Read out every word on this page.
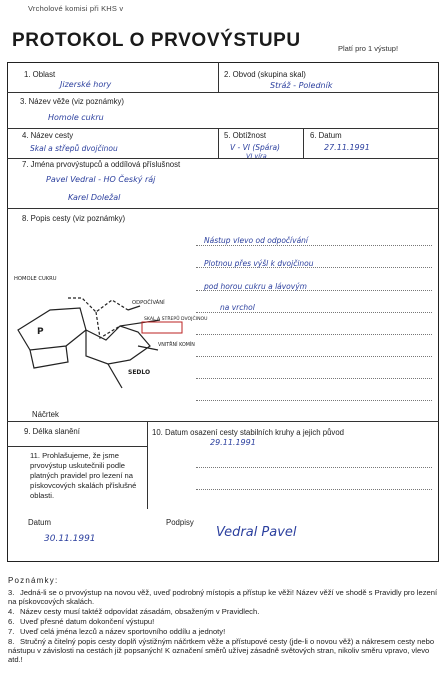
Vrcholové komisi při KHS v
PROTOKOL O PRVOVÝSTUPU	Platí pro 1 výstup!
1. Oblast
Jizerské hory
2. Obvod (skupina skal)
Stráž - Poledník
3. Název věže (viz poznámky)
Homole cukru
4. Název cesty
Skal a střepů dvojčinou
5. Obtížnost
V - VI (Spára)
VI víra
6. Datum
27.11.1991
7. Jména prvovýstupců a oddílová příslušnost
Pavel Vedral - HO Český ráj
Karel Doležal
8. Popis cesty (viz poznámky)
Nástup vlevo od odpočívání
Plotnou přes výšl k dvojčinou
pod horou cukru a lávovým
na vrchol
P
HOMOLE CUKRU
ODPOČÍVÁNÍ
SKAL A STŘEPŮ DVOJČINOU
VNITŘNÍ KOMÍN
SEDLO
Náčrtek
9. Délka slanění	10. Datum osazení cesty stabilních kruhy a jejich původ
29.11.1991
11. Prohlašujeme, že jsme prvovýstup uskutečnili podle platných pravidel pro lezení na pískovcových skalách příslušné oblasti.
Datum
30.11.1991
Podpisy
Vedral Pavel
Poznámky:
3. Jedná-li se o prvovýstup na novou věž, uveď podrobný místopis a přístup ke věži! Název věží ve shodě s Pravidly pro lezení na pískovcových skalách.
4. Název cesty musí taktéž odpovídat zásadám, obsaženým v Pravidlech.
6. Uveď přesné datum dokončení výstupu!
7. Uveď celá jména lezců a název sportovního oddílu a jednoty!
8. Stručný a čitelný popis cesty doplň výstižným náčrtkem věže a přístupové cesty (jde-li o novou věž) a nákresem cesty nebo nástupu v závislosti na cestách již popsaných! K označení směrů užívej zásadně světových stran, nikoliv směru vpravo, vlevo atd.!
